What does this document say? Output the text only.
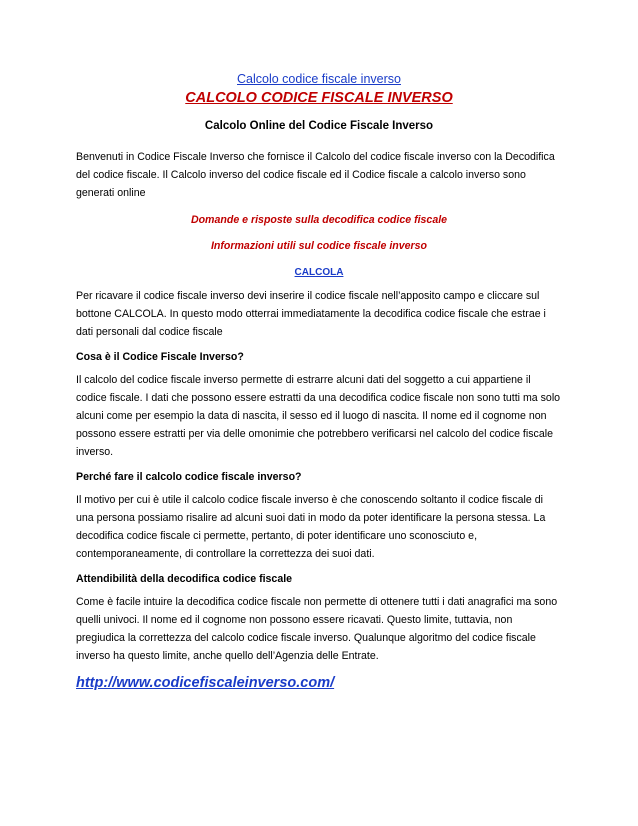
Calcolo codice fiscale inverso
CALCOLO CODICE FISCALE INVERSO
Calcolo Online del Codice Fiscale Inverso

Benvenuti in Codice Fiscale Inverso che fornisce il Calcolo del codice fiscale inverso con la Decodifica del codice fiscale. Il Calcolo inverso del codice fiscale ed il Codice fiscale a calcolo inverso sono generati online

Domande e risposte sulla decodifica codice fiscale
Informazioni utili sul codice fiscale inverso
CALCOLA

Per ricavare il codice fiscale inverso devi inserire il codice fiscale nell’apposito campo e cliccare sul bottone CALCOLA. In questo modo otterrai immediatamente la decodifica codice fiscale che estrae i dati personali dal codice fiscale

Cosa è il Codice Fiscale Inverso?

Il calcolo del codice fiscale inverso permette di estrarre alcuni dati del soggetto a cui appartiene il codice fiscale. I dati che possono essere estratti da una decodifica codice fiscale non sono tutti ma solo alcuni come per esempio la data di nascita, il sesso ed il luogo di nascita. Il nome ed il cognome non possono essere estratti per via delle omonimie che potrebbero verificarsi nel calcolo del codice fiscale inverso.

Perché fare il calcolo codice fiscale inverso?

Il motivo per cui è utile il calcolo codice fiscale inverso è che conoscendo soltanto il codice fiscale di una persona possiamo risalire ad alcuni suoi dati in modo da poter identificare la persona stessa. La decodifica codice fiscale ci permette, pertanto, di poter identificare uno sconosciuto e, contemporaneamente, di controllare la correttezza dei suoi dati.

Attendibilità della decodifica codice fiscale

Come è facile intuire la decodifica codice fiscale non permette di ottenere tutti i dati anagrafici ma sono quelli univoci. Il nome ed il cognome non possono essere ricavati. Questo limite, tuttavia, non pregiudica la correttezza del calcolo codice fiscale inverso. Qualunque algoritmo del codice fiscale inverso ha questo limite, anche quello dell’Agenzia delle Entrate.

http://www.codicefiscaleinverso.com/
